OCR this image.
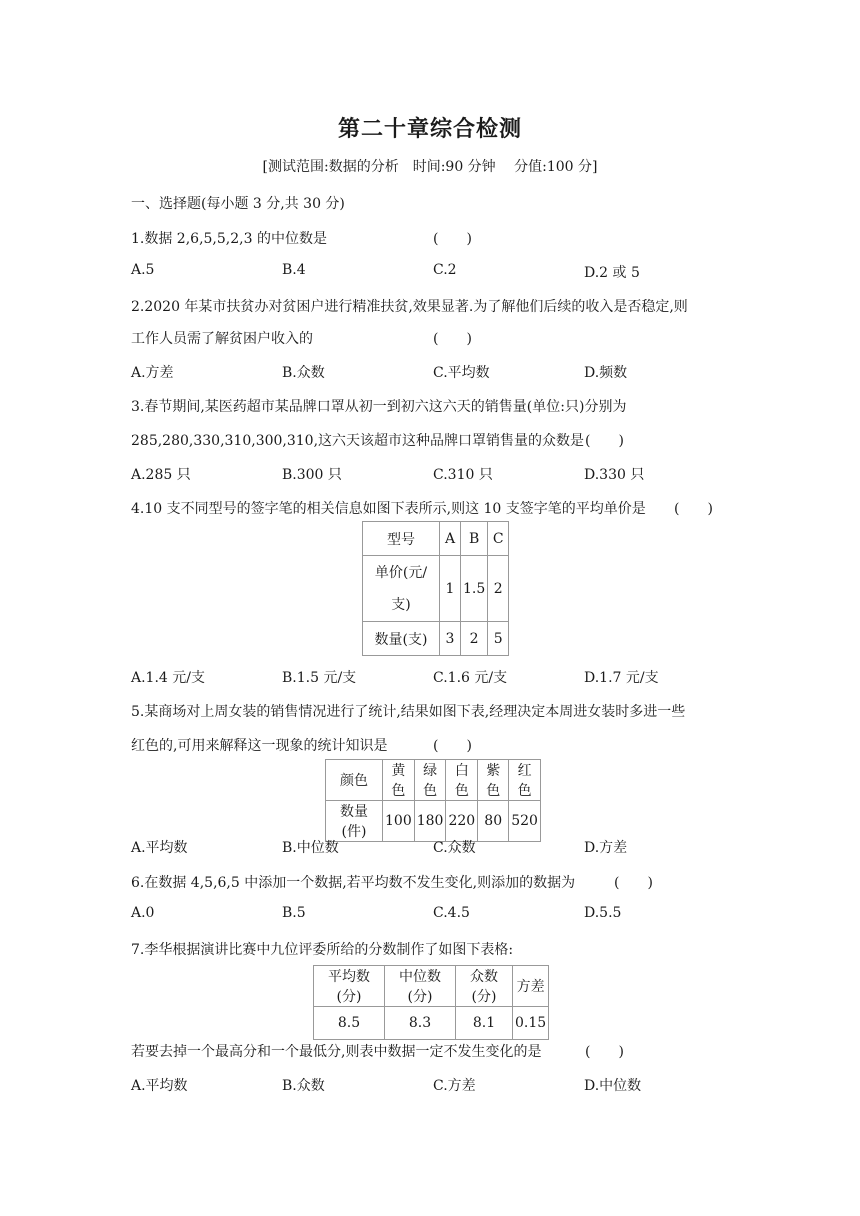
第二十章综合检测
[测试范围:数据的分析　时间:90 分钟　 分值:100 分]
一、选择题(每小题 3 分,共 30 分)
1.数据 2,6,5,5,2,3 的中位数是	(　　)
A.5	B.4	C.2	D.2 或 5
2.2020 年某市扶贫办对贫困户进行精准扶贫,效果显著.为了解他们后续的收入是否稳定,则
工作人员需了解贫困户收入的	(　　)
A.方差	B.众数	C.平均数	D.频数
3.春节期间,某医药超市某品牌口罩从初一到初六这六天的销售量(单位:只)分别为
285,280,330,310,300,310,这六天该超市这种品牌口罩销售量的众数是 (　　)
A.285 只	B.300 只	C.310 只	D.330 只
4.10 支不同型号的签字笔的相关信息如图下表所示,则这 10 支签字笔的平均单价是 (　　)
型号	A	B	C
单价(元/
支)	1	1.5	2
数量(支)	3	2	5
A.1.4 元/支	B.1.5 元/支	C.1.6 元/支	D.1.7 元/支
5.某商场对上周女装的销售情况进行了统计,结果如图下表,经理决定本周进女装时多进一些
红色的,可用来解释这一现象的统计知识是	(　　)
颜色	黄色	绿色	白色	紫色	红色
数量(件)	100	180	220	80	520
A.平均数	B.中位数	C.众数	D.方差
6.在数据 4,5,6,5 中添加一个数据,若平均数不发生变化,则添加的数据为	(　　)
A.0	B.5	C.4.5	D.5.5
7.李华根据演讲比赛中九位评委所给的分数制作了如图下表格:
平均数(分)	中位数(分)	众数(分)	方差
8.5	8.3	8.1	0.15
若要去掉一个最高分和一个最低分,则表中数据一定不发生变化的是	(　　)
A.平均数	B.众数	C.方差	D.中位数
